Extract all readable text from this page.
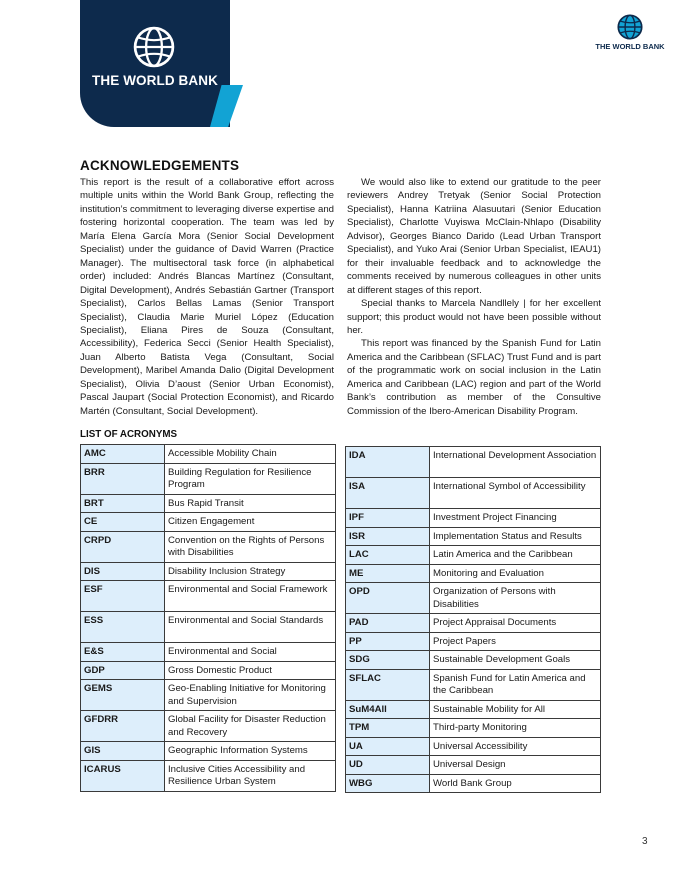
THE WORLD BANK
THE WORLD BANK
ACKNOWLEDGEMENTS

This report is the result of a collaborative effort across multiple units within the World Bank Group, reflecting the institution’s commitment to leveraging diverse expertise and fostering horizontal cooperation. The team was led by María Elena García Mora (Senior Social Development Specialist) under the guidance of David Warren (Practice Manager). The multisectoral task force (in alphabetical order) included: Andrés Blancas Martínez (Consultant, Digital Development), Andrés Sebastián Gartner (Transport Specialist), Carlos Bellas Lamas (Senior Transport Specialist), Claudia Marie Muriel López (Education Specialist), Eliana Pires de Souza (Consultant, Accessibility), Federica Secci (Senior Health Specialist), Juan Alberto Batista Vega (Consultant, Social Development), Maribel Amanda Dalio (Digital Development Specialist), Olivia D’aoust (Senior Urban Economist), Pascal Jaupart (Social Protection Economist), and Ricardo Martén (Consultant, Social Development).

We would also like to extend our gratitude to the peer reviewers Andrey Tretyak (Senior Social Protection Specialist), Hanna Katriina Alasuutari (Senior Education Specialist), Charlotte Vuyiswa McClain-Nhlapo (Disability Advisor), Georges Bianco Darido (Lead Urban Transport Specialist), and Yuko Arai (Senior Urban Specialist, IEAU1) for their invaluable feedback and to acknowledge the comments received by numerous colleagues in other units at different stages of this report.

Special thanks to Marcela Nandllely | for her excellent support; this product would not have been possible without her.

This report was financed by the Spanish Fund for Latin America and the Caribbean (SFLAC) Trust Fund and is part of the programmatic work on social inclusion in the Latin America and Caribbean (LAC) region and part of the World Bank’s contribution as member of the Consultive Commission of the Ibero-American Disability Program.

LIST OF ACRONYMS
AMC	Accessible Mobility Chain
BRR	Building Regulation for Resilience Program
BRT	Bus Rapid Transit
CE	Citizen Engagement
CRPD	Convention on the Rights of Persons with Disabilities
DIS	Disability Inclusion Strategy
ESF	Environmental and Social Framework
ESS	Environmental and Social Standards
E&S	Environmental and Social
GDP	Gross Domestic Product
GEMS	Geo-Enabling Initiative for Monitoring and Supervision
GFDRR	Global Facility for Disaster Reduction and Recovery
GIS	Geographic Information Systems
ICARUS	Inclusive Cities Accessibility and Resilience Urban System
IDA	International Development Association
ISA	International Symbol of Accessibility
IPF	Investment Project Financing
ISR	Implementation Status and Results
LAC	Latin America and the Caribbean
ME	Monitoring and Evaluation
OPD	Organization of Persons with Disabilities
PAD	Project Appraisal Documents
PP	Project Papers
SDG	Sustainable Development Goals
SFLAC	Spanish Fund for Latin America and the Caribbean
SuM4All	Sustainable Mobility for All
TPM	Third-party Monitoring
UA	Universal Accessibility
UD	Universal Design
WBG	World Bank Group
3
